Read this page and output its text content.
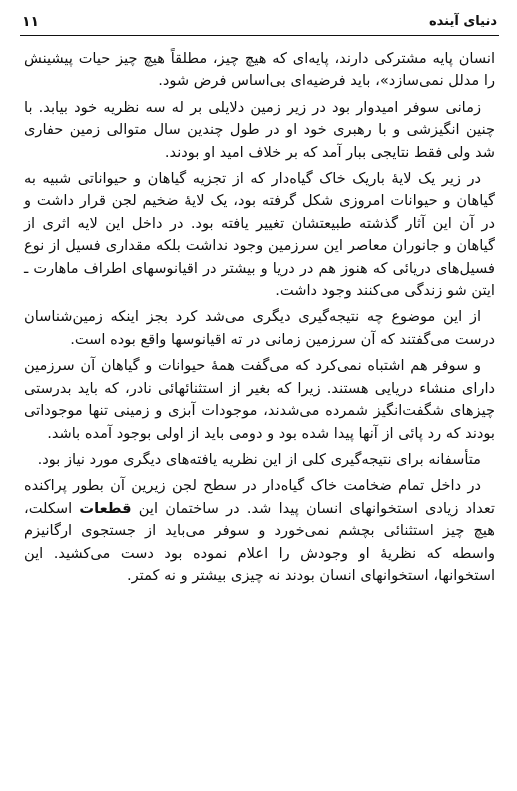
دنیای آینده
۱۱

انسان پایه مشترکی دارند، پایه‌ای که هیچ چیز، مطلقاً هیچ چیز حیات پیشینش را مدلل نمی‌سازد»، باید فرضیه‌ای بی‌اساس فرض شود.

زمانی سوفر امیدوار بود در زیر زمین دلایلی بر له سه نظریه خود بیابد. با چنین انگیزشی و با رهبری خود او در طول چندین سال متوالی زمین حفاری شد ولی فقط نتایجی ببار آمد که بر خلاف امید او بودند.

در زیر یک لایهٔ باریک خاک گیاه‌دار که از تجزیه گیاهان و حیواناتی شبیه به گیاهان و حیوانات امروزی شکل گرفته بود، یک لایهٔ ضخیم لجن قرار داشت و در آن این آثار گذشته طبیعتشان تغییر یافته بود. در داخل این لایه اثری از گیاهان و جانوران معاصر این سرزمین وجود نداشت بلکه مقداری فسیل از نوع فسیل‌های دریائی که هنوز هم در دریا و بیشتر در اقیانوسهای اطراف ماهارت ـ ایتن شو زندگی می‌کنند وجود داشت.

از این موضوع چه نتیجه‌گیری دیگری می‌شد کرد بجز اینکه زمین‌شناسان درست می‌گفتند که آن سرزمین زمانی در ته اقیانوسها واقع بوده است.

و سوفر هم اشتباه نمی‌کرد که می‌گفت همهٔ حیوانات و گیاهان آن سرزمین دارای منشاء دریایی هستند. زیرا که بغیر از استثنائهائی نادر، که باید بدرستی چیزهای شگفت‌انگیز شمرده می‌شدند، موجودات آبزی و زمینی تنها موجوداتی بودند که رد پائی از آنها پیدا شده بود و دومی باید از اولی بوجود آمده باشد.

متأسفانه برای نتیجه‌گیری کلی از این نظریه یافته‌های دیگری مورد نیاز بود.

در داخل تمام ضخامت خاک گیاه‌دار در سطح لجن زیرین آن بطور پراکنده تعداد زیادی استخوانهای انسان پیدا شد. در ساختمان این قطعات اسکلت، هیچ چیز استثنائی بچشم نمی‌خورد و سوفر می‌باید از جستجوی ارگانیزم واسطه که نظریهٔ او وجودش را اعلام نموده بود دست می‌کشید. این استخوانها، استخوانهای انسان بودند نه چیزی بیشتر و نه کمتر.
